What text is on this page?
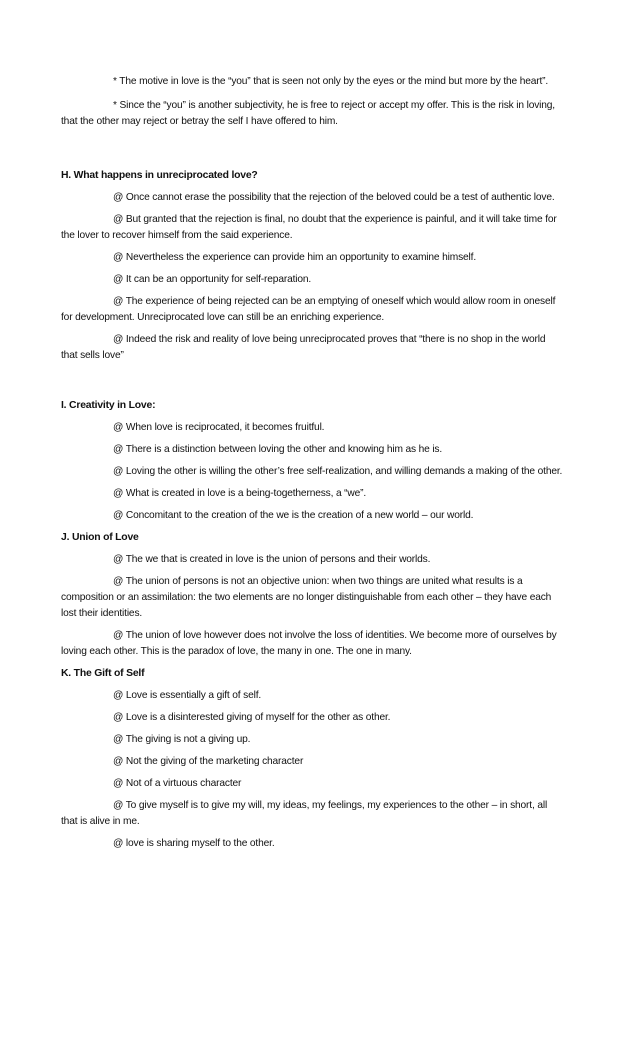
* The motive in love is the “you” that is seen not only by the eyes or the mind but more by the heart”.

* Since the “you” is another subjectivity, he is free to reject or accept my offer. This is the risk in loving, that the other may reject or betray the self I have offered to him.

H. What happens in unreciprocated love?

@ Once cannot erase the possibility that the rejection of the beloved could be a test of authentic love.

@ But granted that the rejection is final, no doubt that the experience is painful, and it will take time for the lover to recover himself from the said experience.

@ Nevertheless the experience can provide him an opportunity to examine himself.

@ It can be an opportunity for self-reparation.

@ The experience of being rejected can be an emptying of oneself which would allow room in oneself for development. Unreciprocated love can still be an enriching experience.

@ Indeed the risk and reality of love being unreciprocated proves that “there is no shop in the world that sells love”

I. Creativity in Love:

@ When love is reciprocated, it becomes fruitful.

@ There is a distinction between loving the other and knowing him as he is.

@ Loving the other is willing the other’s free self-realization, and willing demands a making of the other.

@ What is created in love is a being-togetherness, a “we”.

@ Concomitant to the creation of the we is the creation of a new world – our world.

J. Union of Love

@ The we that is created in love is the union of persons and their worlds.

@ The union of persons is not an objective union: when two things are united what results is a composition or an assimilation: the two elements are no longer distinguishable from each other – they have each lost their identities.

@ The union of love however does not involve the loss of identities. We become more of ourselves by loving each other. This is the paradox of love, the many in one. The one in many.

K. The Gift of Self

@ Love is essentially a gift of self.

@ Love is a disinterested giving of myself for the other as other.

@ The giving is not a giving up.

@ Not the giving of the marketing character

@ Not of a virtuous character

@ To give myself is to give my will, my ideas, my feelings, my experiences to the other – in short, all that is alive in me.

@ love is sharing myself to the other.
